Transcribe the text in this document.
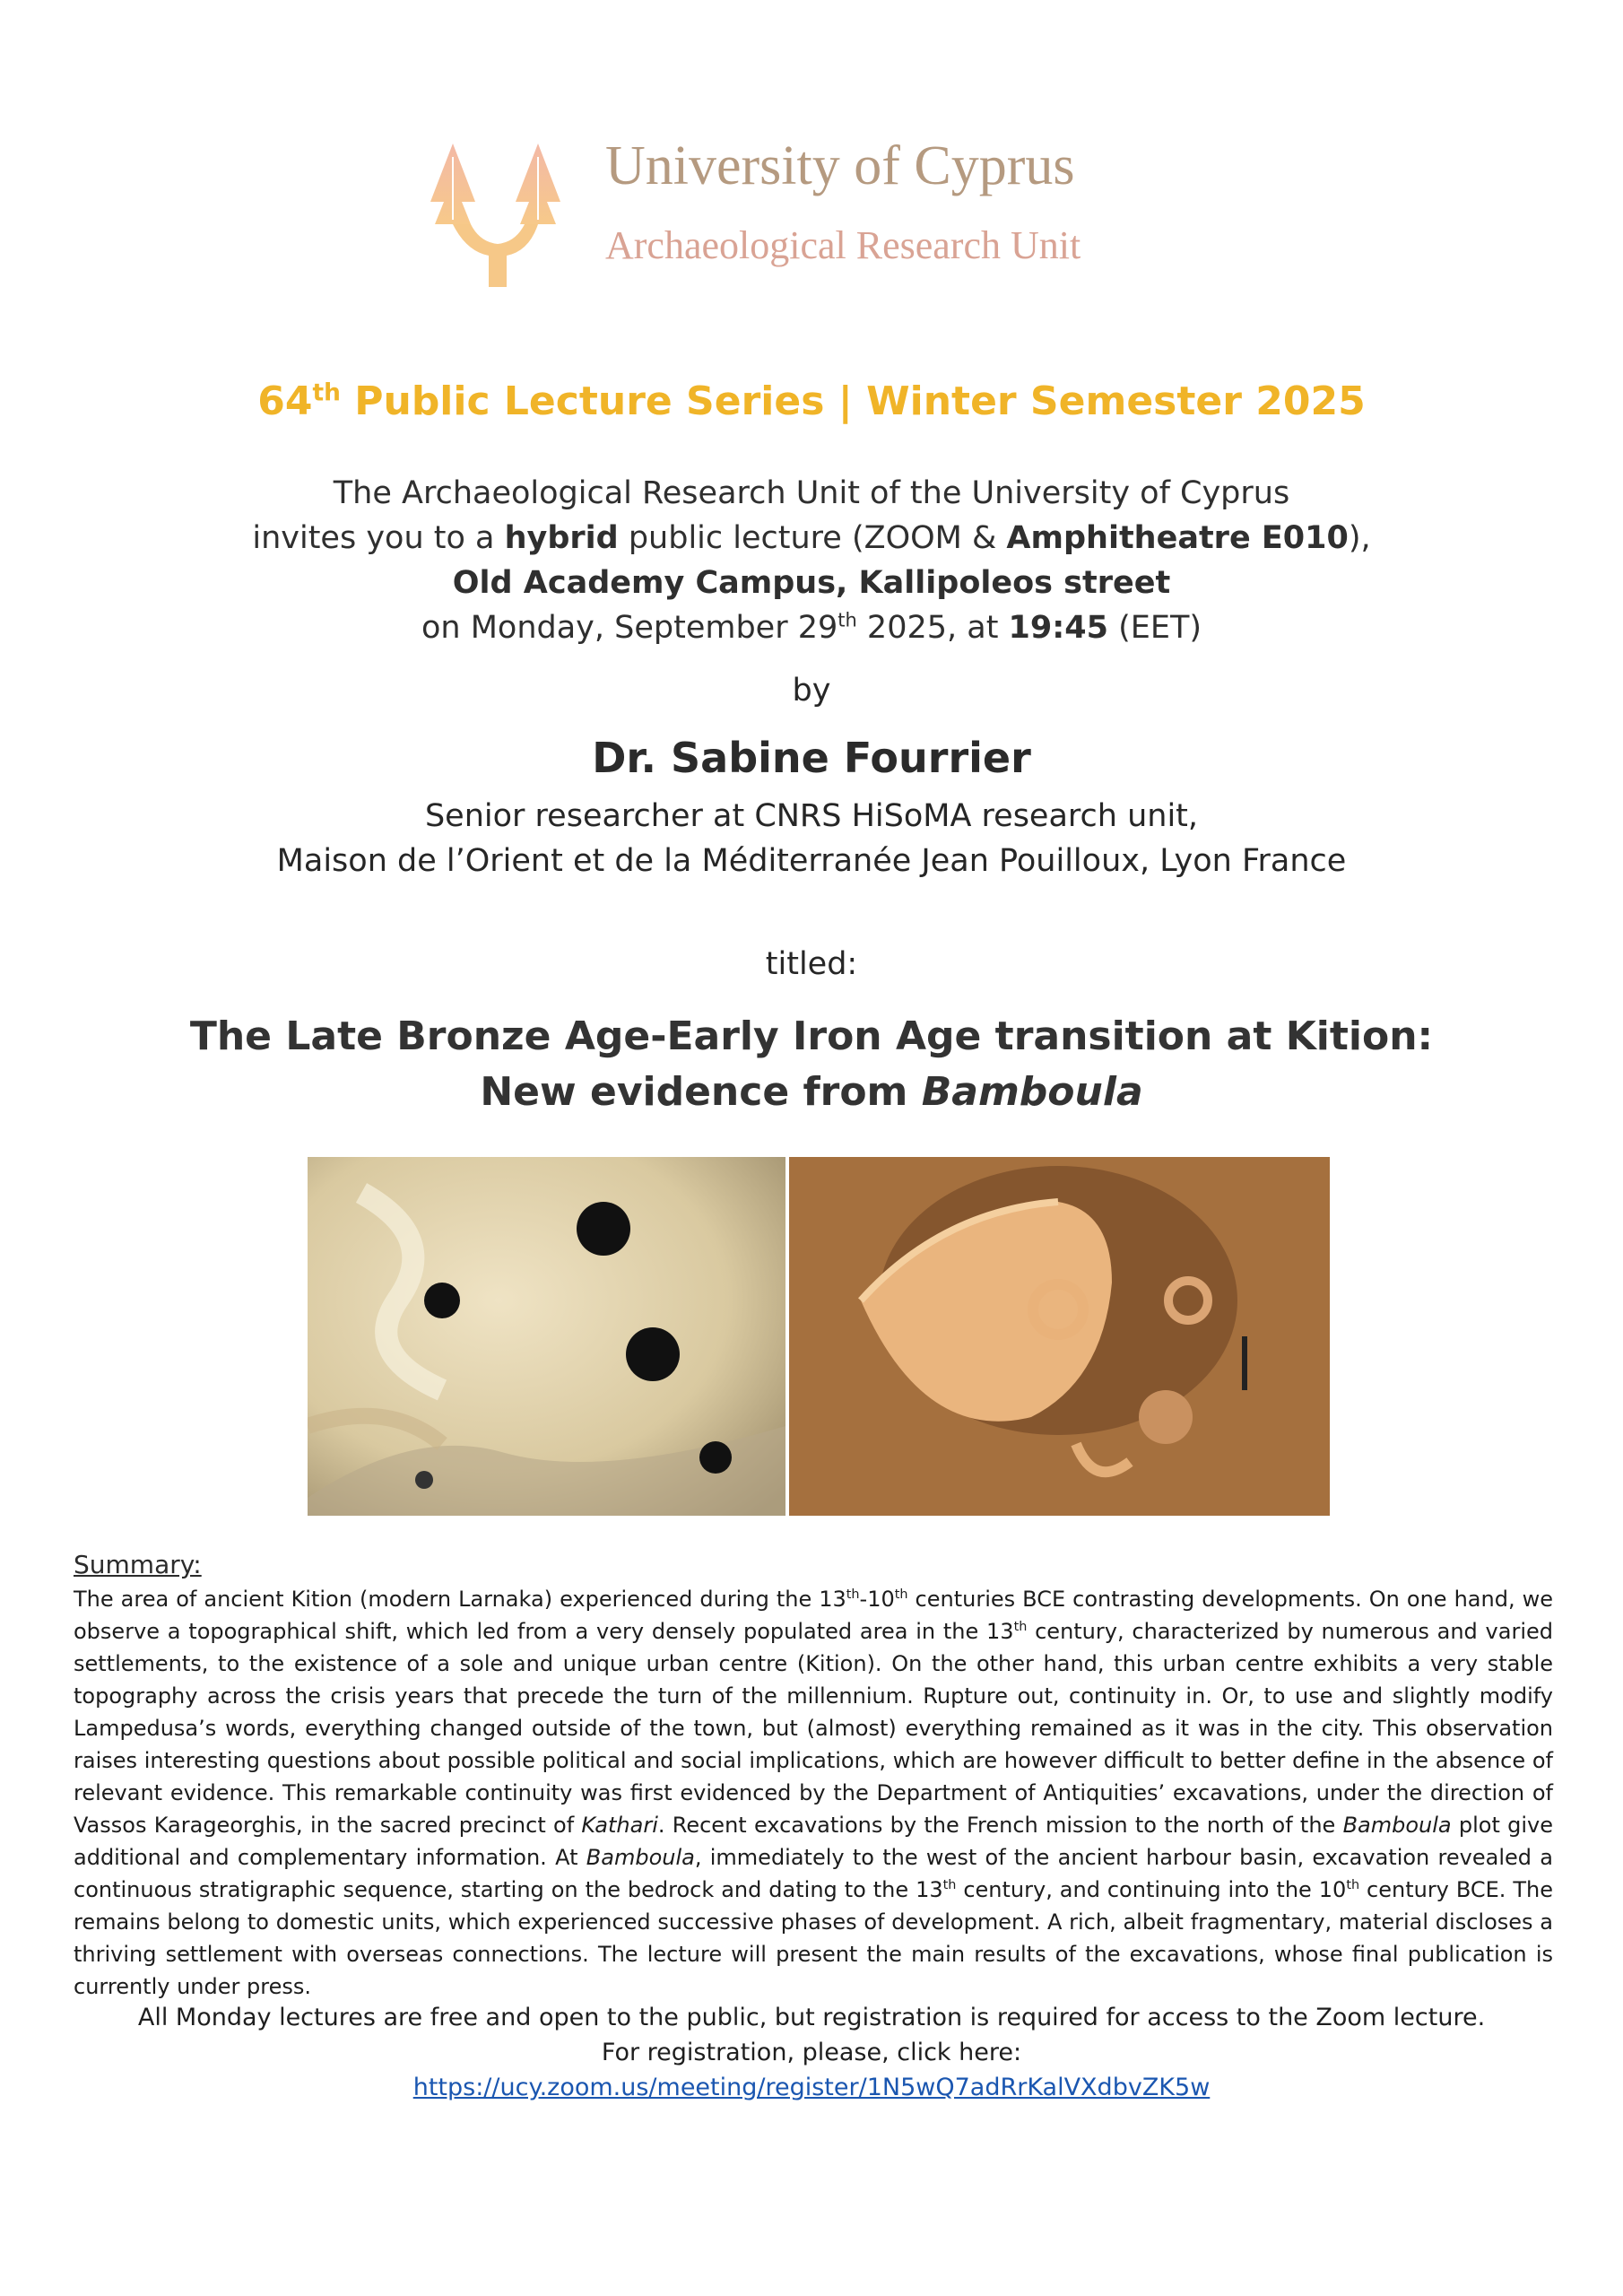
University of Cyprus
Archaeological Research Unit
64th Public Lecture Series | Winter Semester 2025
The Archaeological Research Unit of the University of Cyprus
invites you to a hybrid public lecture (ZOOM & Amphitheatre E010),
Old Academy Campus, Kallipoleos street
on Monday, September 29th 2025, at 19:45 (EET)
by
Dr. Sabine Fourrier
Senior researcher at CNRS HiSoMA research unit,
Maison de l’Orient et de la Méditerranée Jean Pouilloux, Lyon France
titled:
The Late Bronze Age-Early Iron Age transition at Kition:
New evidence from Bamboula
Summary:
The area of ancient Kition (modern Larnaka) experienced during the 13th-10th centuries BCE contrasting developments. On one hand, we observe a topographical shift, which led from a very densely populated area in the 13th century, characterized by numerous and varied settlements, to the existence of a sole and unique urban centre (Kition). On the other hand, this urban centre exhibits a very stable topography across the crisis years that precede the turn of the millennium. Rupture out, continuity in. Or, to use and slightly modify Lampedusa’s words, everything changed outside of the town, but (almost) everything remained as it was in the city. This observation raises interesting questions about possible political and social implications, which are however difficult to better define in the absence of relevant evidence. This remarkable continuity was first evidenced by the Department of Antiquities’ excavations, under the direction of Vassos Karageorghis, in the sacred precinct of Kathari. Recent excavations by the French mission to the north of the Bamboula plot give additional and complementary information. At Bamboula, immediately to the west of the ancient harbour basin, excavation revealed a continuous stratigraphic sequence, starting on the bedrock and dating to the 13th century, and continuing into the 10th century BCE. The remains belong to domestic units, which experienced successive phases of development. A rich, albeit fragmentary, material discloses a thriving settlement with overseas connections. The lecture will present the main results of the excavations, whose final publication is currently under press.
All Monday lectures are free and open to the public, but registration is required for access to the Zoom lecture.
For registration, please, click here:
https://ucy.zoom.us/meeting/register/1N5wQ7adRrKalVXdbvZK5w
